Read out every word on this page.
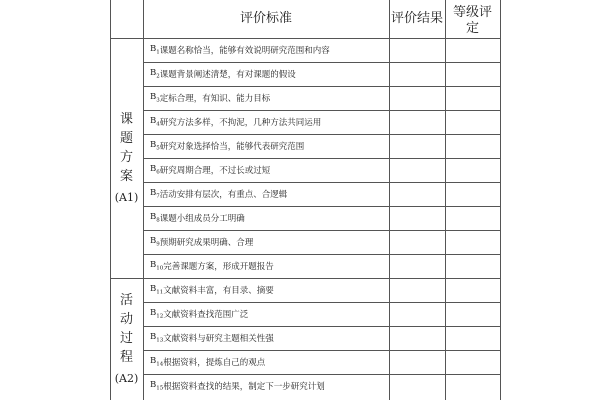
评价标准	评价结果 等级评
定
课
题
方
案
(A1)
活
动
过
程
(A2)
$B_1$ 课题名称恰当，能够有效说明研究范围和内容
$B_2$ 课题背景阐述清楚，有对课题的假设
$B_3$ 定标合理，有知识、能力目标
$B_4$ 研究方法多样，不拘泥，几种方法共同运用
$B_5$ 研究对象选择恰当，能够代表研究范围
$B_6$ 研究周期合理，不过长或过短
$B_7$ 活动安排有层次，有重点、合逻辑
$B_8$ 课题小组成员分工明确
$B_9$ 预期研究成果明确、合理
$B_{10}$ 完善课题方案，形成开题报告
$B_{11}$ 文献资料丰富，有目录、摘要
$B_{12}$ 文献资料查找范围广泛
$B_{13}$ 文献资料与研究主题相关性强
$B_{14}$ 根据资料，提炼自己的观点
$B_{15}$ 根据资料查找的结果，制定下一步研究计划
